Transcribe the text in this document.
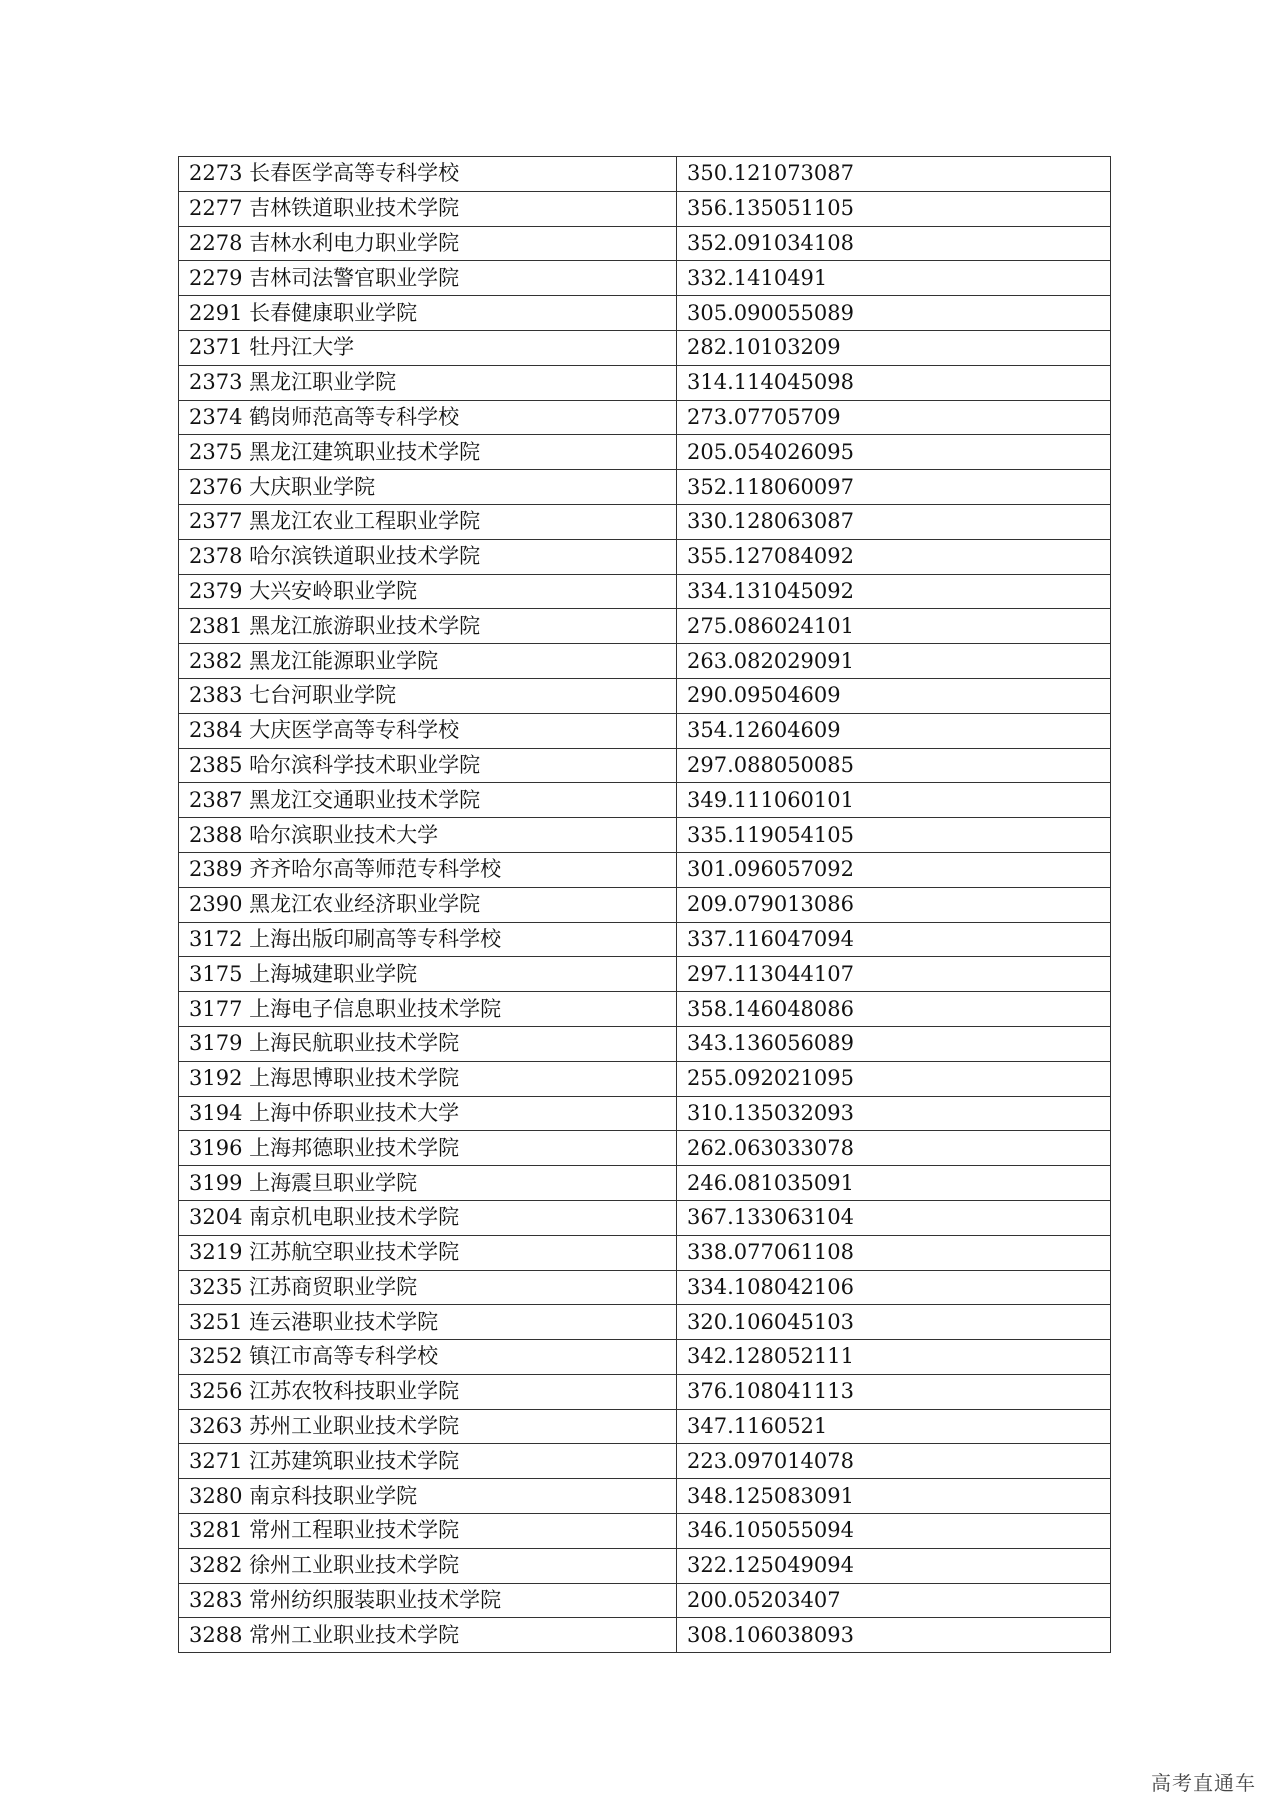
2273 长春医学高等专科学校	350.121073087
2277 吉林铁道职业技术学院	356.135051105
2278 吉林水利电力职业学院	352.091034108
2279 吉林司法警官职业学院	332.1410491
2291 长春健康职业学院	305.090055089
2371 牡丹江大学	282.10103209
2373 黑龙江职业学院	314.114045098
2374 鹤岗师范高等专科学校	273.07705709
2375 黑龙江建筑职业技术学院	205.054026095
2376 大庆职业学院	352.118060097
2377 黑龙江农业工程职业学院	330.128063087
2378 哈尔滨铁道职业技术学院	355.127084092
2379 大兴安岭职业学院	334.131045092
2381 黑龙江旅游职业技术学院	275.086024101
2382 黑龙江能源职业学院	263.082029091
2383 七台河职业学院	290.09504609
2384 大庆医学高等专科学校	354.12604609
2385 哈尔滨科学技术职业学院	297.088050085
2387 黑龙江交通职业技术学院	349.111060101
2388 哈尔滨职业技术大学	335.119054105
2389 齐齐哈尔高等师范专科学校	301.096057092
2390 黑龙江农业经济职业学院	209.079013086
3172 上海出版印刷高等专科学校	337.116047094
3175 上海城建职业学院	297.113044107
3177 上海电子信息职业技术学院	358.146048086
3179 上海民航职业技术学院	343.136056089
3192 上海思博职业技术学院	255.092021095
3194 上海中侨职业技术大学	310.135032093
3196 上海邦德职业技术学院	262.063033078
3199 上海震旦职业学院	246.081035091
3204 南京机电职业技术学院	367.133063104
3219 江苏航空职业技术学院	338.077061108
3235 江苏商贸职业学院	334.108042106
3251 连云港职业技术学院	320.106045103
3252 镇江市高等专科学校	342.128052111
3256 江苏农牧科技职业学院	376.108041113
3263 苏州工业职业技术学院	347.1160521
3271 江苏建筑职业技术学院	223.097014078
3280 南京科技职业学院	348.125083091
3281 常州工程职业技术学院	346.105055094
3282 徐州工业职业技术学院	322.125049094
3283 常州纺织服装职业技术学院	200.05203407
3288 常州工业职业技术学院	308.106038093
高考直通车
